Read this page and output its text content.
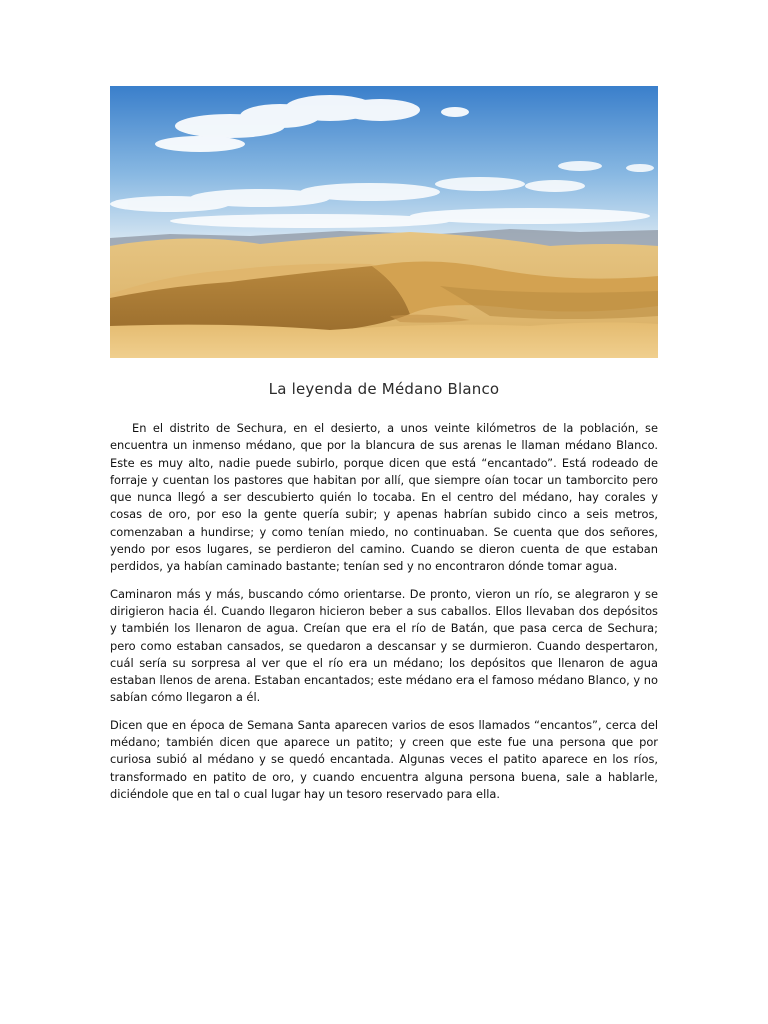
La leyenda de Médano Blanco

En el distrito de Sechura, en el desierto, a unos veinte kilómetros de la población, se encuentra un inmenso médano, que por la blancura de sus arenas le llaman médano Blanco. Este es muy alto, nadie puede subirlo, porque dicen que está “encantado”. Está rodeado de forraje y cuentan los pastores que habitan por allí, que siempre oían tocar un tamborcito pero que nunca llegó a ser descubierto quién lo tocaba. En el centro del médano, hay corales y cosas de oro, por eso la gente quería subir; y apenas habrían subido cinco a seis metros, comenzaban a hundirse; y como tenían miedo, no continuaban. Se cuenta que dos señores, yendo por esos lugares, se perdieron del camino. Cuando se dieron cuenta de que estaban perdidos, ya habían caminado bastante; tenían sed y no encontraron dónde tomar agua.

Caminaron más y más, buscando cómo orientarse. De pronto, vieron un río, se alegraron y se dirigieron hacia él. Cuando llegaron hicieron beber a sus caballos. Ellos llevaban dos depósitos y también los llenaron de agua. Creían que era el río de Batán, que pasa cerca de Sechura; pero como estaban cansados, se quedaron a descansar y se durmieron. Cuando despertaron, cuál sería su sorpresa al ver que el río era un médano; los depósitos que llenaron de agua estaban llenos de arena. Estaban encantados; este médano era el famoso médano Blanco, y no sabían cómo llegaron a él.

Dicen que en época de Semana Santa aparecen varios de esos llamados “encantos”, cerca del médano; también dicen que aparece un patito; y creen que este fue una persona que por curiosa subió al médano y se quedó encantada. Algunas veces el patito aparece en los ríos, transformado en patito de oro, y cuando encuentra alguna persona buena, sale a hablarle, diciéndole que en tal o cual lugar hay un tesoro reservado para ella.
